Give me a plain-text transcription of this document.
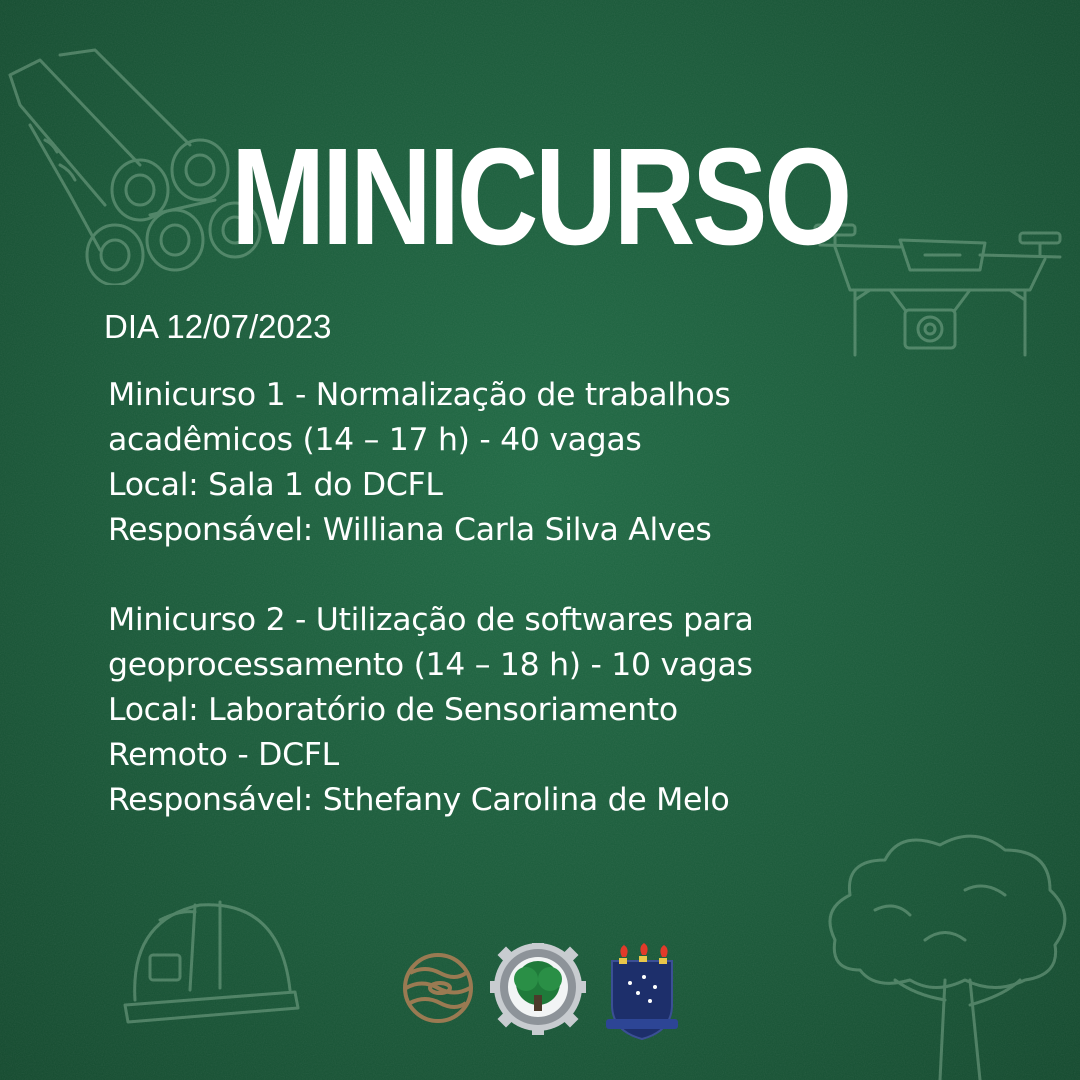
MINICURSO
DIA 12/07/2023
Minicurso 1 - Normalização de trabalhos
acadêmicos (14 – 17 h) - 40 vagas
Local: Sala 1 do DCFL
Responsável: Williana Carla Silva Alves
Minicurso 2 - Utilização de softwares para
geoprocessamento (14 – 18 h) - 10 vagas
Local: Laboratório de Sensoriamento
Remoto - DCFL
Responsável: Sthefany Carolina de Melo
